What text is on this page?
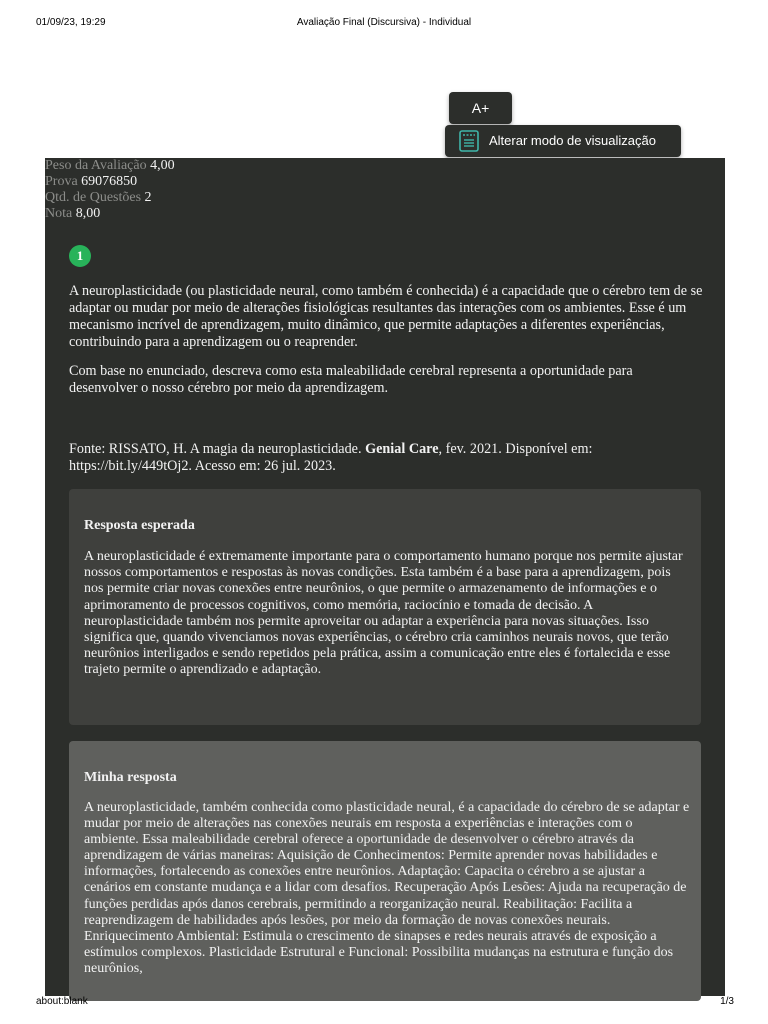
01/09/23, 19:29	Avaliação Final (Discursiva) - Individual
A+
Alterar modo de visualização
Peso da Avaliação 4,00
Prova 69076850
Qtd. de Questões 2
Nota 8,00
1
A neuroplasticidade (ou plasticidade neural, como também é conhecida) é a capacidade que o cérebro tem de se adaptar ou mudar por meio de alterações fisiológicas resultantes das interações com os ambientes. Esse é um mecanismo incrível de aprendizagem, muito dinâmico, que permite adaptações a diferentes experiências, contribuindo para a aprendizagem ou o reaprender.
Com base no enunciado, descreva como esta maleabilidade cerebral representa a oportunidade para desenvolver o nosso cérebro por meio da aprendizagem.
Fonte: RISSATO, H. A magia da neuroplasticidade. Genial Care, fev. 2021. Disponível em: https://bit.ly/449tOj2. Acesso em: 26 jul. 2023.
Resposta esperada
A neuroplasticidade é extremamente importante para o comportamento humano porque nos permite ajustar nossos comportamentos e respostas às novas condições. Esta também é a base para a aprendizagem, pois nos permite criar novas conexões entre neurônios, o que permite o armazenamento de informações e o aprimoramento de processos cognitivos, como memória, raciocínio e tomada de decisão. A neuroplasticidade também nos permite aproveitar ou adaptar a experiência para novas situações. Isso significa que, quando vivenciamos novas experiências, o cérebro cria caminhos neurais novos, que terão neurônios interligados e sendo repetidos pela prática, assim a comunicação entre eles é fortalecida e esse trajeto permite o aprendizado e adaptação.
Minha resposta
A neuroplasticidade, também conhecida como plasticidade neural, é a capacidade do cérebro de se adaptar e mudar por meio de alterações nas conexões neurais em resposta a experiências e interações com o ambiente. Essa maleabilidade cerebral oferece a oportunidade de desenvolver o cérebro através da aprendizagem de várias maneiras: Aquisição de Conhecimentos: Permite aprender novas habilidades e informações, fortalecendo as conexões entre neurônios. Adaptação: Capacita o cérebro a se ajustar a cenários em constante mudança e a lidar com desafios. Recuperação Após Lesões: Ajuda na recuperação de funções perdidas após danos cerebrais, permitindo a reorganização neural. Reabilitação: Facilita a reaprendizagem de habilidades após lesões, por meio da formação de novas conexões neurais. Enriquecimento Ambiental: Estimula o crescimento de sinapses e redes neurais através de exposição a estímulos complexos. Plasticidade Estrutural e Funcional: Possibilita mudanças na estrutura e função dos neurônios,
about:blank	1/3
